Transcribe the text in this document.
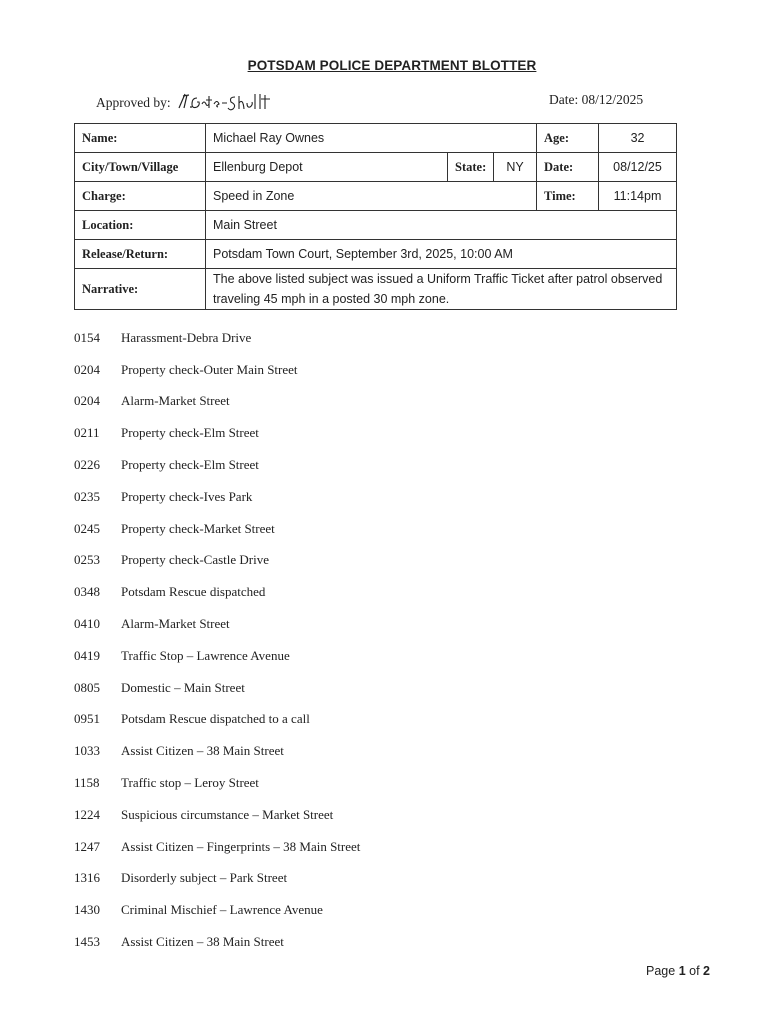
POTSDAM POLICE DEPARTMENT BLOTTER
Approved by:	Date: 08/12/2025
Name:	Michael Ray Ownes			Age:	32
City/Town/Village	Ellenburg Depot	State:	NY	Date:	08/12/25
Charge:	Speed in Zone			Time:	11:14pm
Location:	Main Street				
Release/Return:	Potsdam Town Court, September 3rd, 2025, 10:00 AM				
Narrative:	The above listed subject was issued a Uniform Traffic Ticket after patrol observed traveling 45 mph in a posted 30 mph zone.				
0154	Harassment-Debra Drive
0204	Property check-Outer Main Street
0204	Alarm-Market Street
0211	Property check-Elm Street
0226	Property check-Elm Street
0235	Property check-Ives Park
0245	Property check-Market Street
0253	Property check-Castle Drive
0348	Potsdam Rescue dispatched
0410	Alarm-Market Street
0419	Traffic Stop – Lawrence Avenue
0805	Domestic – Main Street
0951	Potsdam Rescue dispatched to a call
1033	Assist Citizen – 38 Main Street
1158	Traffic stop – Leroy Street
1224	Suspicious circumstance – Market Street
1247	Assist Citizen – Fingerprints – 38 Main Street
1316	Disorderly subject – Park Street
1430	Criminal Mischief – Lawrence Avenue
1453	Assist Citizen – 38 Main Street
Page 1 of 2
